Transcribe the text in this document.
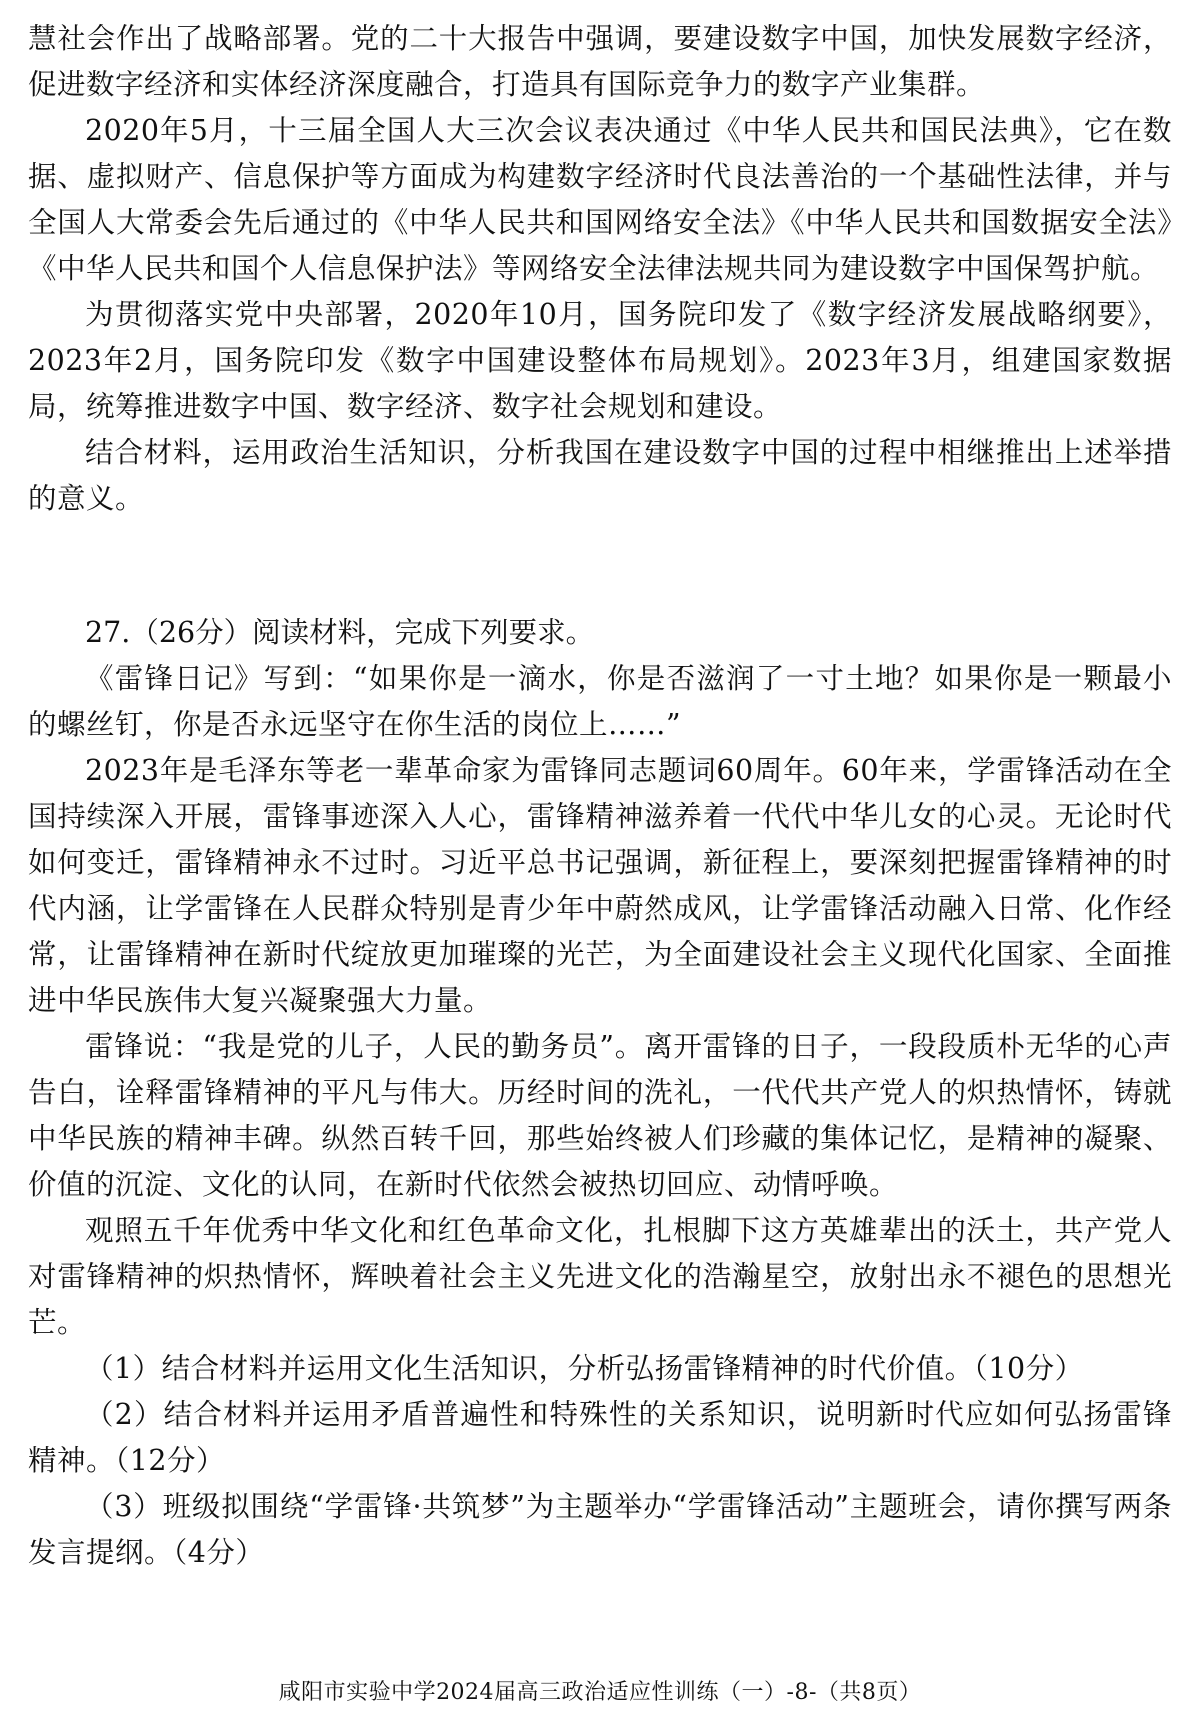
慧社会作出了战略部署。党的二十大报告中强调，要建设数字中国，加快发展数字经济，促进数字经济和实体经济深度融合，打造具有国际竞争力的数字产业集群。

2020年5月，十三届全国人大三次会议表决通过《中华人民共和国民法典》，它在数据、虚拟财产、信息保护等方面成为构建数字经济时代良法善治的一个基础性法律，并与全国人大常委会先后通过的《中华人民共和国网络安全法》《中华人民共和国数据安全法》《中华人民共和国个人信息保护法》等网络安全法律法规共同为建设数字中国保驾护航。

为贯彻落实党中央部署，2020年10月，国务院印发了《数字经济发展战略纲要》，2023年2月，国务院印发《数字中国建设整体布局规划》。2023年3月，组建国家数据局，统筹推进数字中国、数字经济、数字社会规划和建设。

结合材料，运用政治生活知识，分析我国在建设数字中国的过程中相继推出上述举措的意义。

27.（26分）阅读材料，完成下列要求。

《雷锋日记》写到：“如果你是一滴水，你是否滋润了一寸土地？如果你是一颗最小的螺丝钉，你是否永远坚守在你生活的岗位上……”

2023年是毛泽东等老一辈革命家为雷锋同志题词60周年。60年来，学雷锋活动在全国持续深入开展，雷锋事迹深入人心，雷锋精神滋养着一代代中华儿女的心灵。无论时代如何变迁，雷锋精神永不过时。习近平总书记强调，新征程上，要深刻把握雷锋精神的时代内涵，让学雷锋在人民群众特别是青少年中蔚然成风，让学雷锋活动融入日常、化作经常，让雷锋精神在新时代绽放更加璀璨的光芒，为全面建设社会主义现代化国家、全面推进中华民族伟大复兴凝聚强大力量。

雷锋说：“我是党的儿子，人民的勤务员”。离开雷锋的日子，一段段质朴无华的心声告白，诠释雷锋精神的平凡与伟大。历经时间的洗礼，一代代共产党人的炽热情怀，铸就中华民族的精神丰碑。纵然百转千回，那些始终被人们珍藏的集体记忆，是精神的凝聚、价值的沉淀、文化的认同，在新时代依然会被热切回应、动情呼唤。

观照五千年优秀中华文化和红色革命文化，扎根脚下这方英雄辈出的沃土，共产党人对雷锋精神的炽热情怀，辉映着社会主义先进文化的浩瀚星空，放射出永不褪色的思想光芒。

（1）结合材料并运用文化生活知识，分析弘扬雷锋精神的时代价值。（10分）

（2）结合材料并运用矛盾普遍性和特殊性的关系知识，说明新时代应如何弘扬雷锋精神。（12分）

（3）班级拟围绕“学雷锋·共筑梦”为主题举办“学雷锋活动”主题班会，请你撰写两条发言提纲。（4分）

咸阳市实验中学2024届高三政治适应性训练（一）-8-（共8页）
